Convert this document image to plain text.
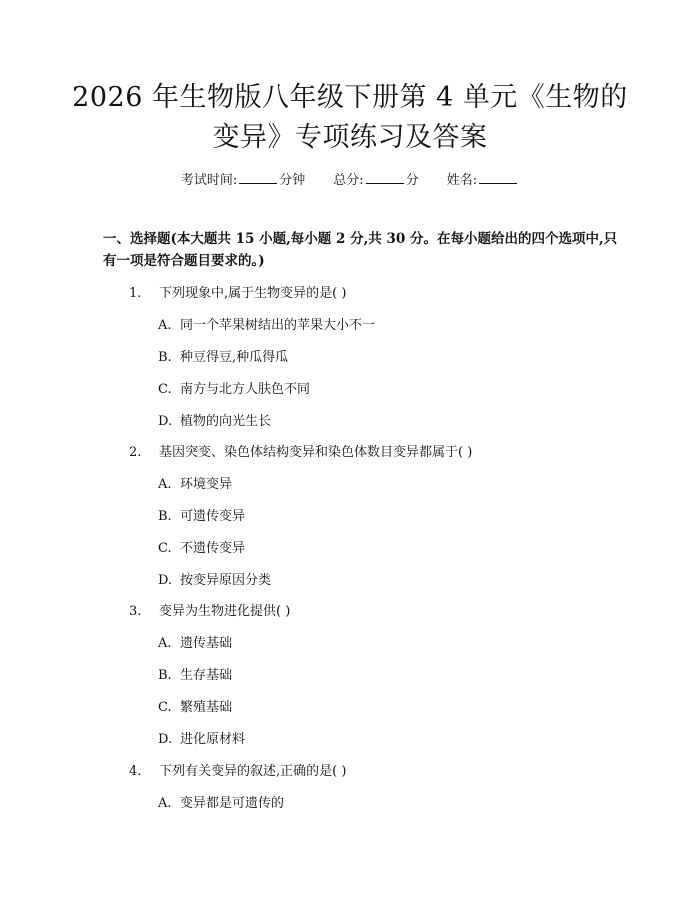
2026 年生物版八年级下册第 4 单元《生物的
变异》专项练习及答案
考试时间:	分钟 总分:	分 姓名:
一、选择题(本大题共 15 小题,每小题 2 分,共 30 分。在每小题给出的四个选项中,只有一项是符合题目要求的。)
1. 下列现象中,属于生物变异的是( )
A. 同一个苹果树结出的苹果大小不一
B. 种豆得豆,种瓜得瓜
C. 南方与北方人肤色不同
D. 植物的向光生长
2. 基因突变、染色体结构变异和染色体数目变异都属于( )
A. 环境变异
B. 可遗传变异
C. 不遗传变异
D. 按变异原因分类
3. 变异为生物进化提供( )
A. 遗传基础
B. 生存基础
C. 繁殖基础
D. 进化原材料
4. 下列有关变异的叙述,正确的是( )
A. 变异都是可遗传的
